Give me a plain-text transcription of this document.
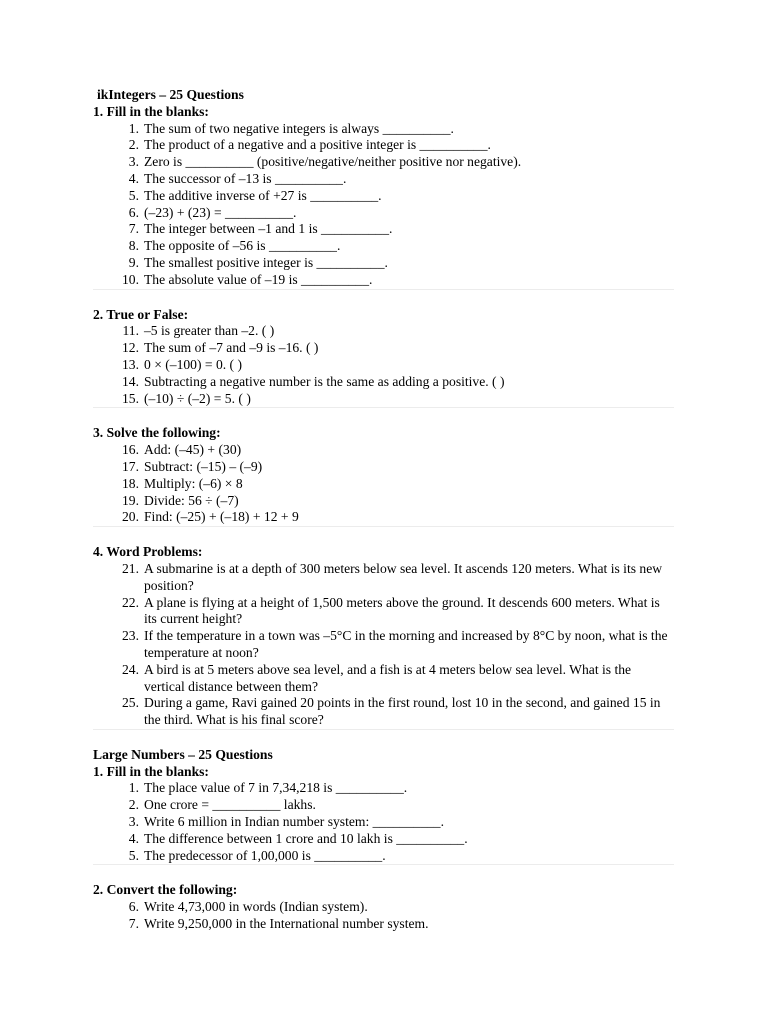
ikIntegers – 25 Questions
1. Fill in the blanks:
1. The sum of two negative integers is always __________.
2. The product of a negative and a positive integer is __________.
3. Zero is __________ (positive/negative/neither positive nor negative).
4. The successor of –13 is __________.
5. The additive inverse of +27 is __________.
6. (–23) + (23) = __________.
7. The integer between –1 and 1 is __________.
8. The opposite of –56 is __________.
9. The smallest positive integer is __________.
10. The absolute value of –19 is __________.
2. True or False:
11. –5 is greater than –2. ( )
12. The sum of –7 and –9 is –16. ( )
13. 0 × (–100) = 0. ( )
14. Subtracting a negative number is the same as adding a positive. ( )
15. (–10) ÷ (–2) = 5. ( )
3. Solve the following:
16. Add: (–45) + (30)
17. Subtract: (–15) – (–9)
18. Multiply: (–6) × 8
19. Divide: 56 ÷ (–7)
20. Find: (–25) + (–18) + 12 + 9
4. Word Problems:
21. A submarine is at a depth of 300 meters below sea level. It ascends 120 meters. What is its new position?
22. A plane is flying at a height of 1,500 meters above the ground. It descends 600 meters. What is its current height?
23. If the temperature in a town was –5°C in the morning and increased by 8°C by noon, what is the temperature at noon?
24. A bird is at 5 meters above sea level, and a fish is at 4 meters below sea level. What is the vertical distance between them?
25. During a game, Ravi gained 20 points in the first round, lost 10 in the second, and gained 15 in the third. What is his final score?
Large Numbers – 25 Questions
1. Fill in the blanks:
1. The place value of 7 in 7,34,218 is __________.
2. One crore = __________ lakhs.
3. Write 6 million in Indian number system: __________.
4. The difference between 1 crore and 10 lakh is __________.
5. The predecessor of 1,00,000 is __________.
2. Convert the following:
6. Write 4,73,000 in words (Indian system).
7. Write 9,250,000 in the International number system.
